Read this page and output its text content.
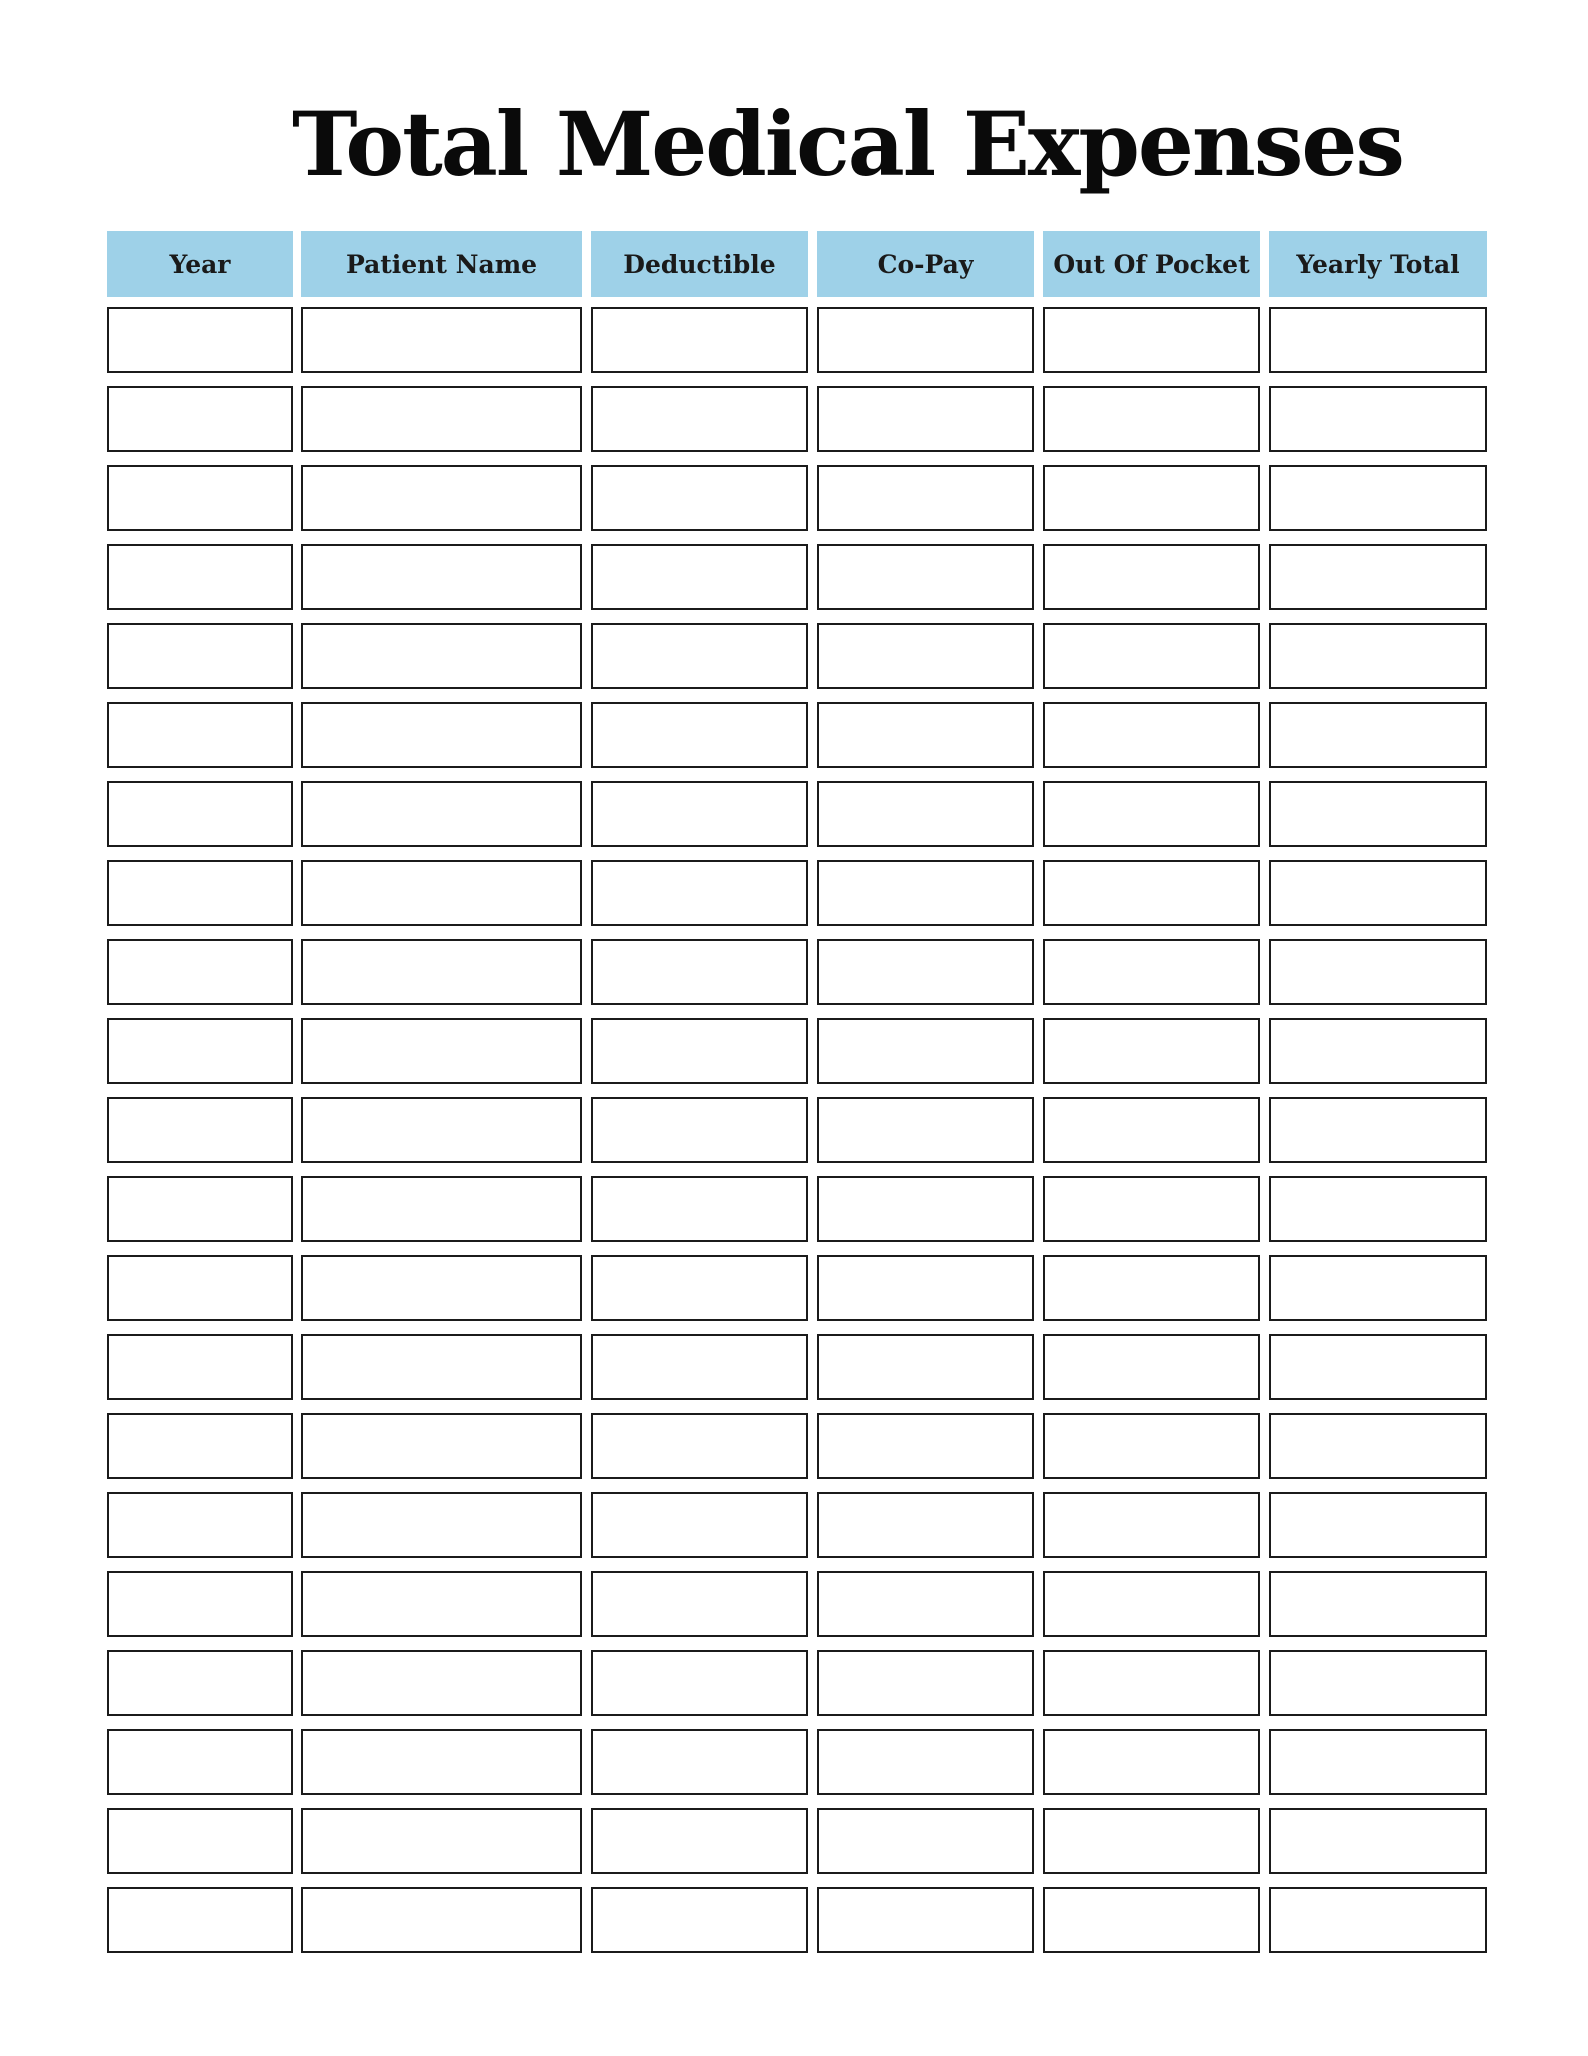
Total Medical Expenses
Year	Patient Name	Deductible	Co-Pay	Out Of Pocket	Yearly Total
